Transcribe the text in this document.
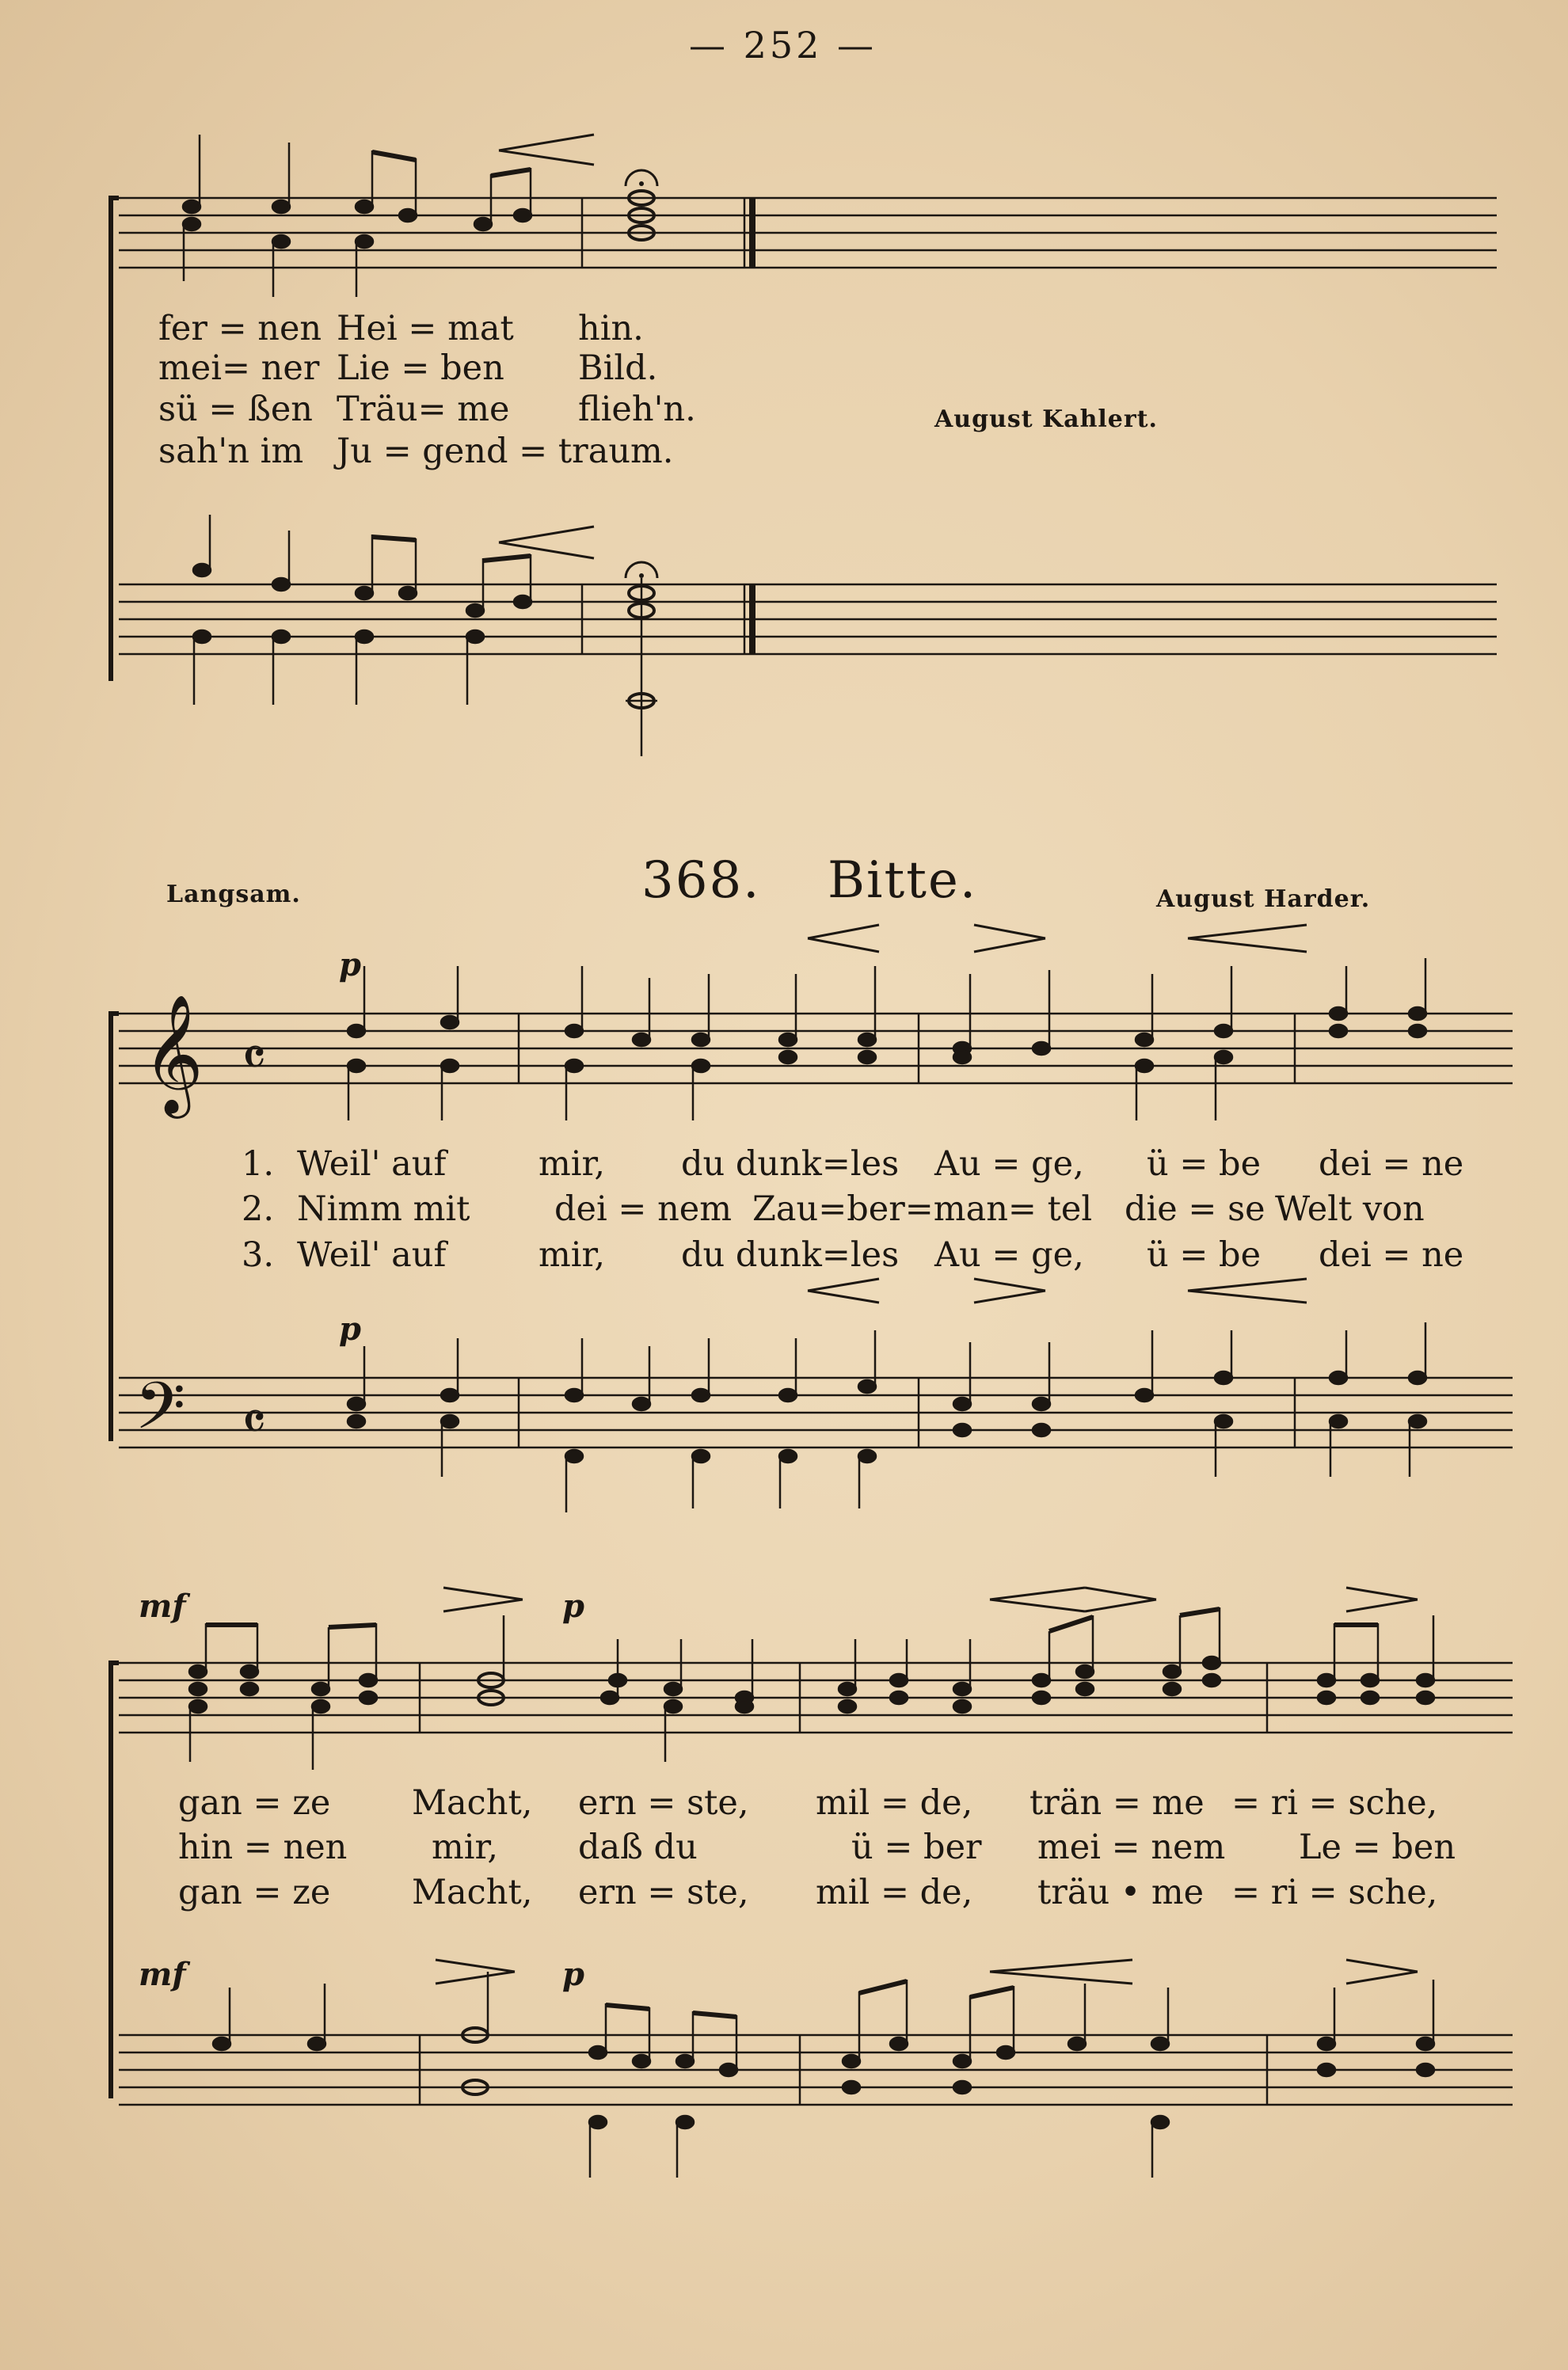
— 252 —
fer = nen Hei = mat hin.
mei= ner Lie = ben Bild.
sü = ßen Träu= me flieh'n.
sah'n im Ju = gend = traum.
August Kahlert.
Langsam.	368. Bitte.	August Harder.
p
𝄞 𝄴
1. Weil' auf	mir, du dunk=les Au = ge, ü = be dei = ne
2. Nimm mit dei = nem Zau=ber=man= tel die = se Welt von
3. Weil' auf	mir, du dunk=les Au = ge, ü = be dei = ne
p
𝄢 𝄴
mf	p
gan = ze Macht, ern = ste, mil = de, trän = me = ri = sche,
hin = nen mir, daß du	ü = ber mei = nem Le = ben
gan = ze Macht, ern = ste, mil = de, träu • me = ri = sche,
mf	p
